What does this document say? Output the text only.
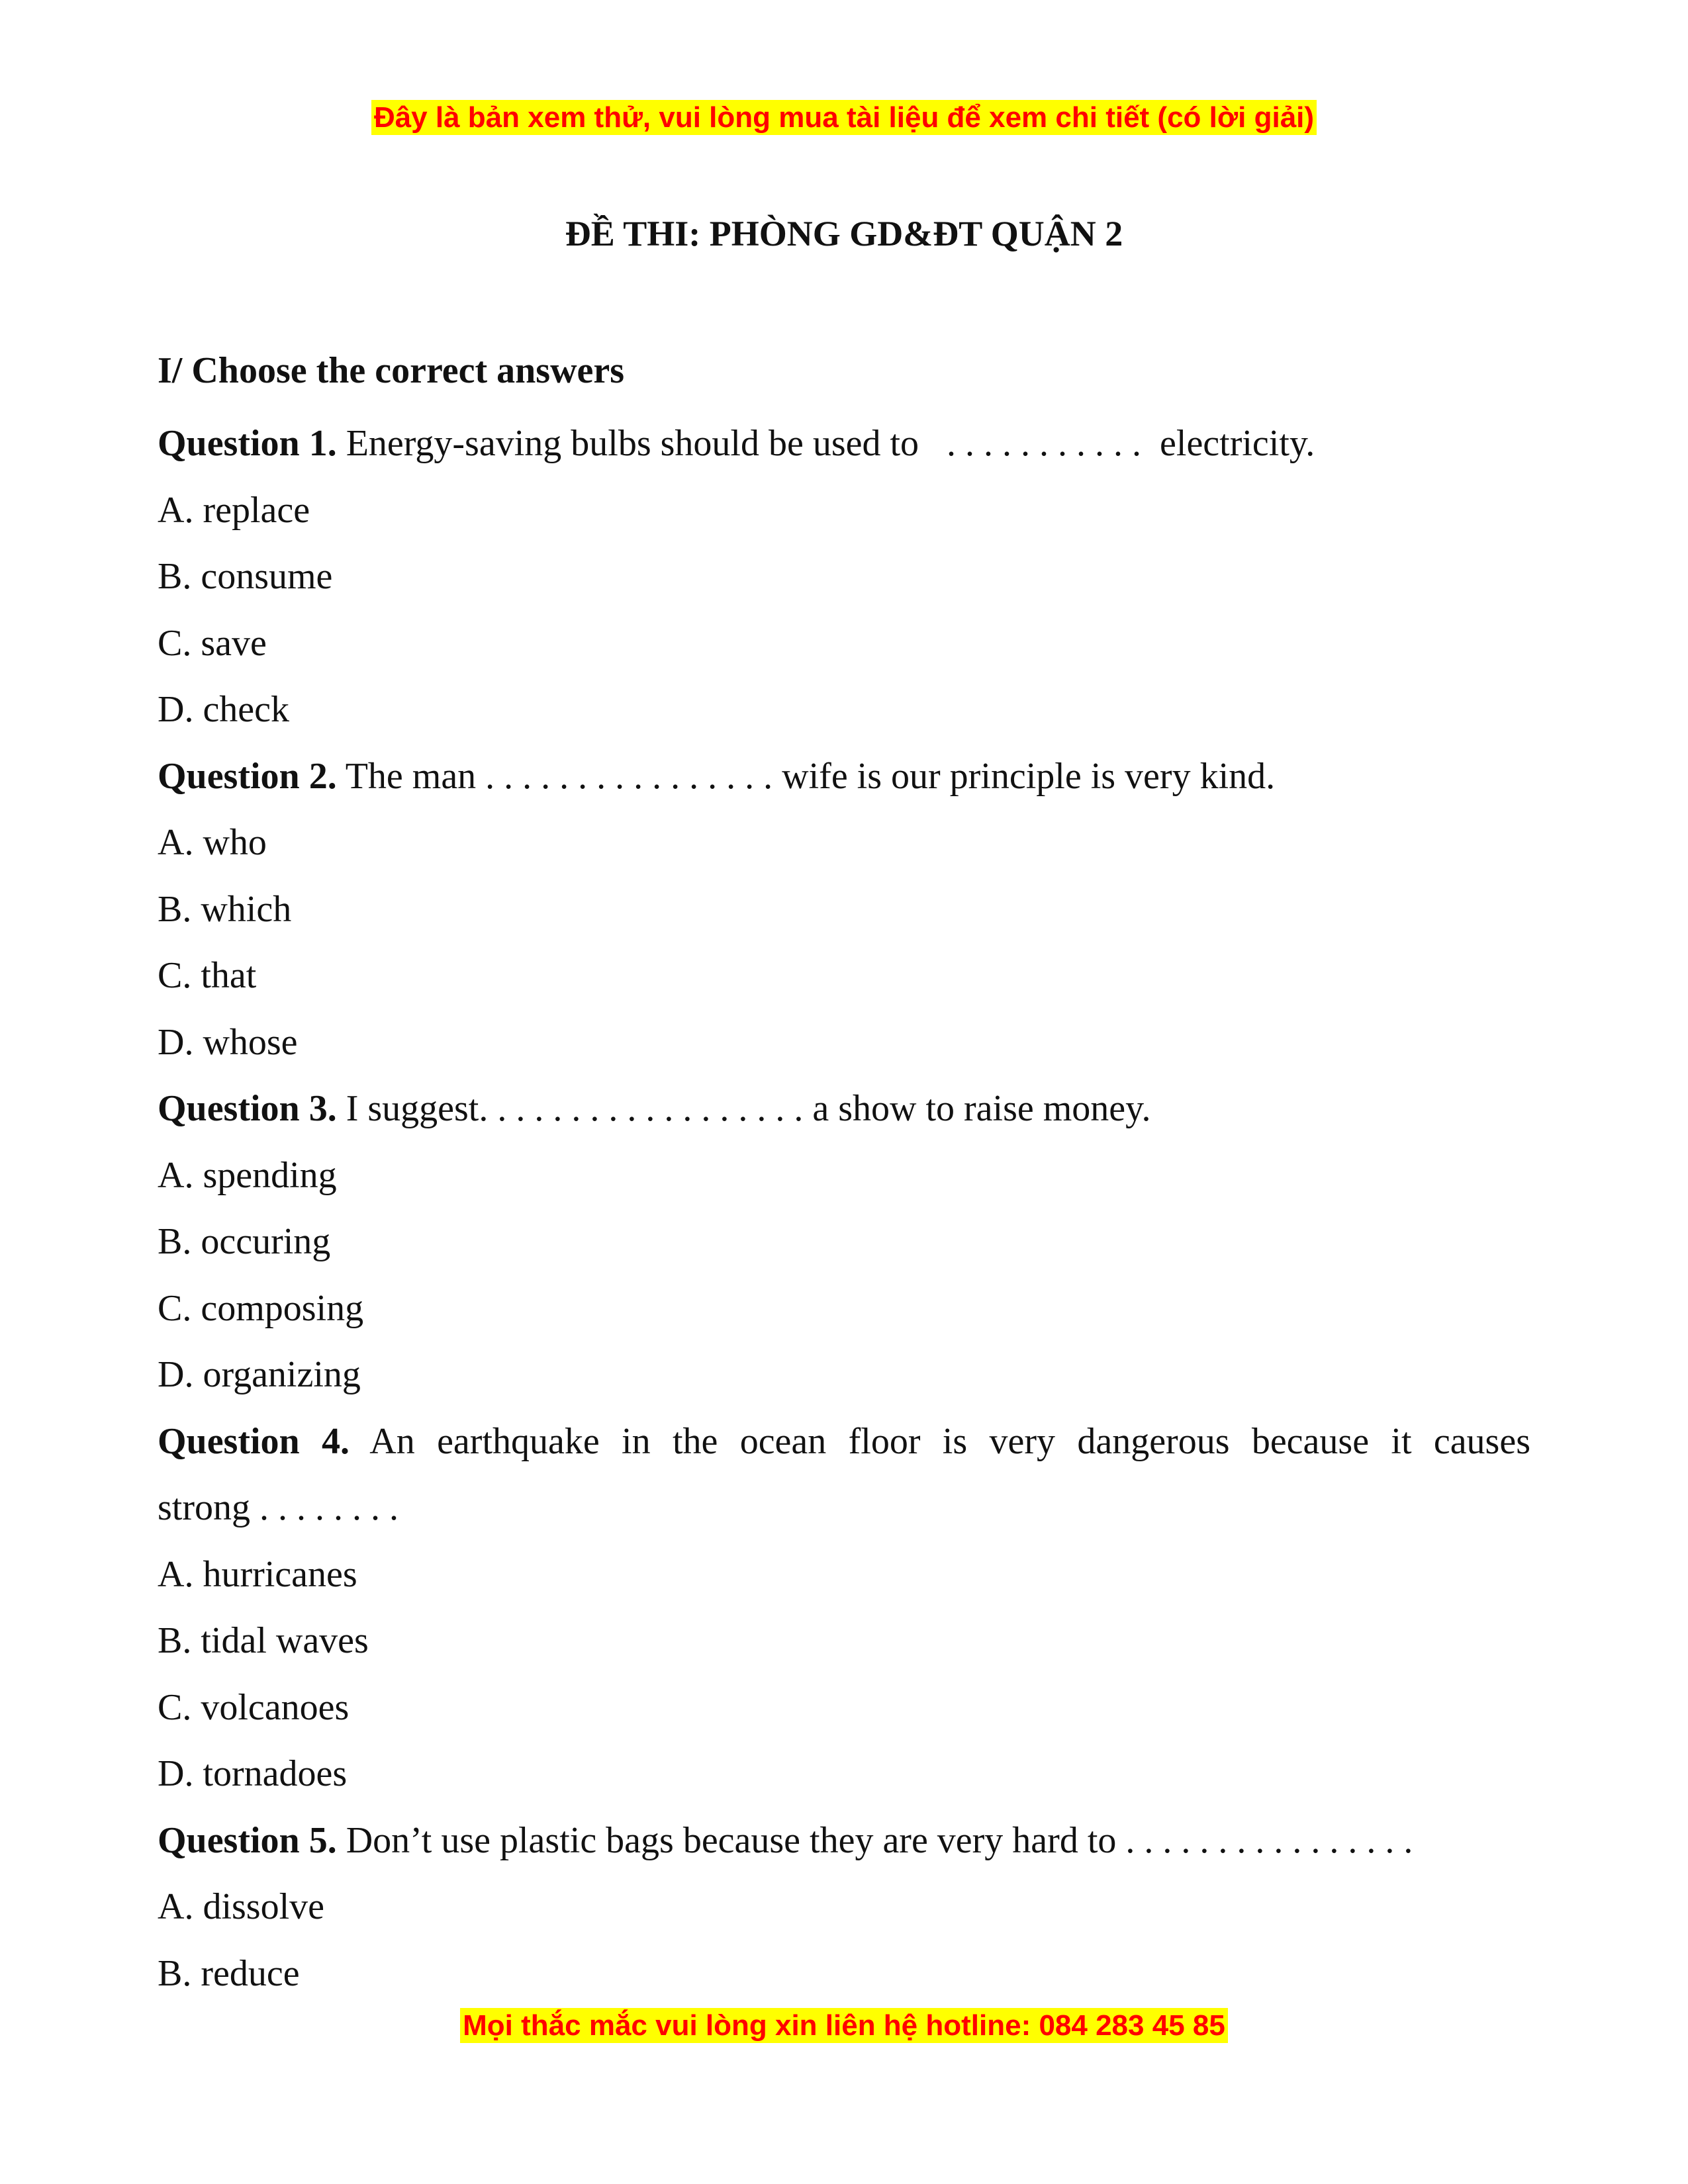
Đây là bản xem thử, vui lòng mua tài liệu để xem chi tiết (có lời giải)
ĐỀ THI: PHÒNG GD&ĐT QUẬN 2
I/ Choose the correct answers
Question 1. Energy-saving bulbs should be used to   . . . . . . . . . . .  electricity.
A. replace
B. consume
C. save
D. check
Question 2. The man . . . . . . . . . . . . . . . . wife is our principle is very kind.
A. who
B. which
C. that
D. whose
Question 3. I suggest. . . . . . . . . . . . . . . . . . a show to raise money.
A. spending
B. occuring
C. composing
D. organizing
Question 4. An earthquake in the ocean floor is very dangerous because it causes
strong . . . . . . . .
A. hurricanes
B. tidal waves
C. volcanoes
D. tornadoes
Question 5. Don’t use plastic bags because they are very hard to . . . . . . . . . . . . . . . .
A. dissolve
B. reduce
Mọi thắc mắc vui lòng xin liên hệ hotline: 084 283 45 85
